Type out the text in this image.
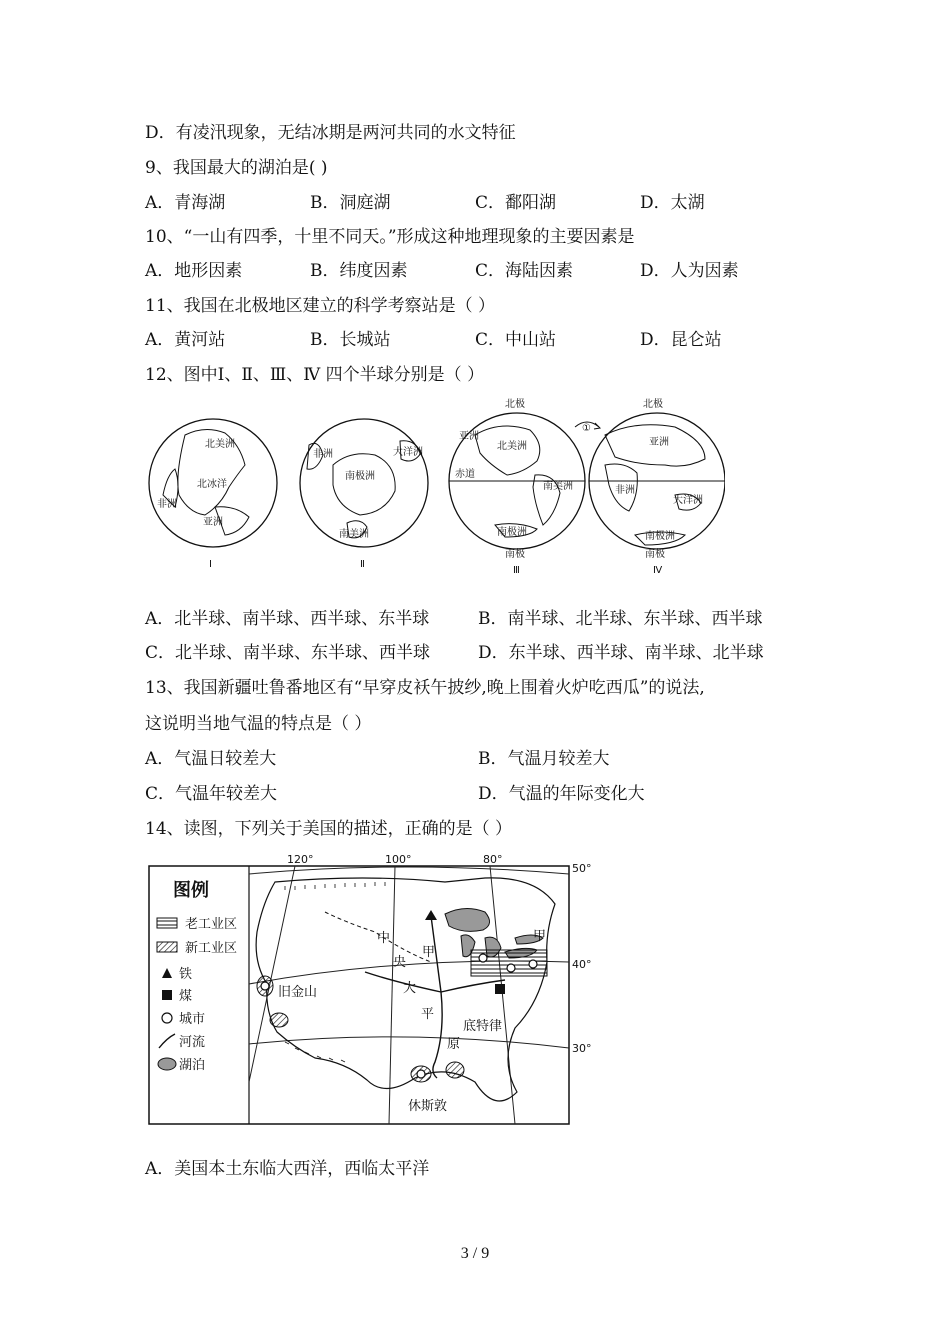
D．有凌汛现象，无结冰期是两河共同的水文特征
9、我国最大的湖泊是( )
A．青海湖	B．洞庭湖	C．鄱阳湖	D．太湖
10、“一山有四季，十里不同天。”形成这种地理现象的主要因素是
A．地形因素	B．纬度因素	C．海陆因素	D．人为因素
11、我国在北极地区建立的科学考察站是（ ）
A．黄河站	B．长城站	C．中山站	D．昆仑站
12、图中Ⅰ、Ⅱ、Ⅲ、Ⅳ 四个半球分别是（ ）
北美洲
北冰洋
非洲
亚洲
Ⅰ
非洲	大洋洲
南极洲
南美洲
Ⅱ
北极
亚洲
北美洲
赤道
南美洲
南极洲
南极
Ⅲ
北极
亚洲
非洲
大洋洲
南极洲
南极
Ⅳ
①
A．北半球、南半球、西半球、东半球	B．南半球、北半球、东半球、西半球
C．北半球、南半球、东半球、西半球	D．东半球、西半球、南半球、北半球
13、我国新疆吐鲁番地区有“早穿皮袄午披纱,晚上围着火炉吃西瓜”的说法,
这说明当地气温的特点是（ ）
A．气温日较差大	B．气温月较差大
C．气温年较差大	D．气温的年际变化大
14、读图，下列关于美国的描述，正确的是（ ）
图例
老工业区
新工业区
铁
煤
城市
河流
湖泊
120°	100°	80°
50°
40°
30°
中
央
大
平
原
甲
甲
旧金山
底特律
休斯敦
A．美国本土东临大西洋，西临太平洋
3 / 9
